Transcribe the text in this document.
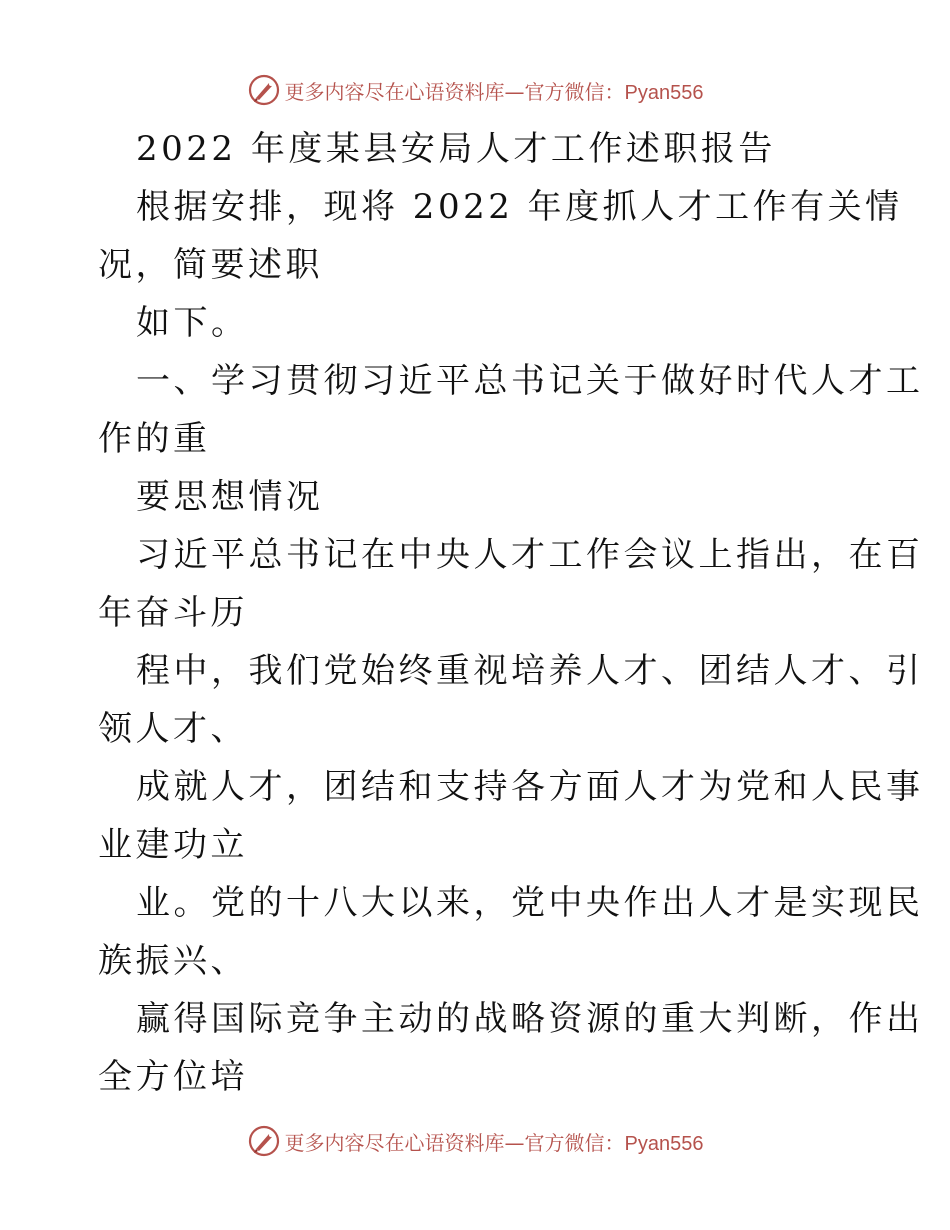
更多内容尽在心语资料库—官方微信：Pyan556

2022 年度某县安局人才工作述职报告

根据安排，现将 2022 年度抓人才工作有关情

况，简要述职

如下。

一、学习贯彻习近平总书记关于做好时代人才工

作的重

要思想情况

习近平总书记在中央人才工作会议上指出，在百

年奋斗历

程中，我们党始终重视培养人才、团结人才、引

领人才、

成就人才，团结和支持各方面人才为党和人民事

业建功立

业。党的十八大以来，党中央作出人才是实现民

族振兴、

赢得国际竞争主动的战略资源的重大判断，作出

全方位培

更多内容尽在心语资料库—官方微信：Pyan556
